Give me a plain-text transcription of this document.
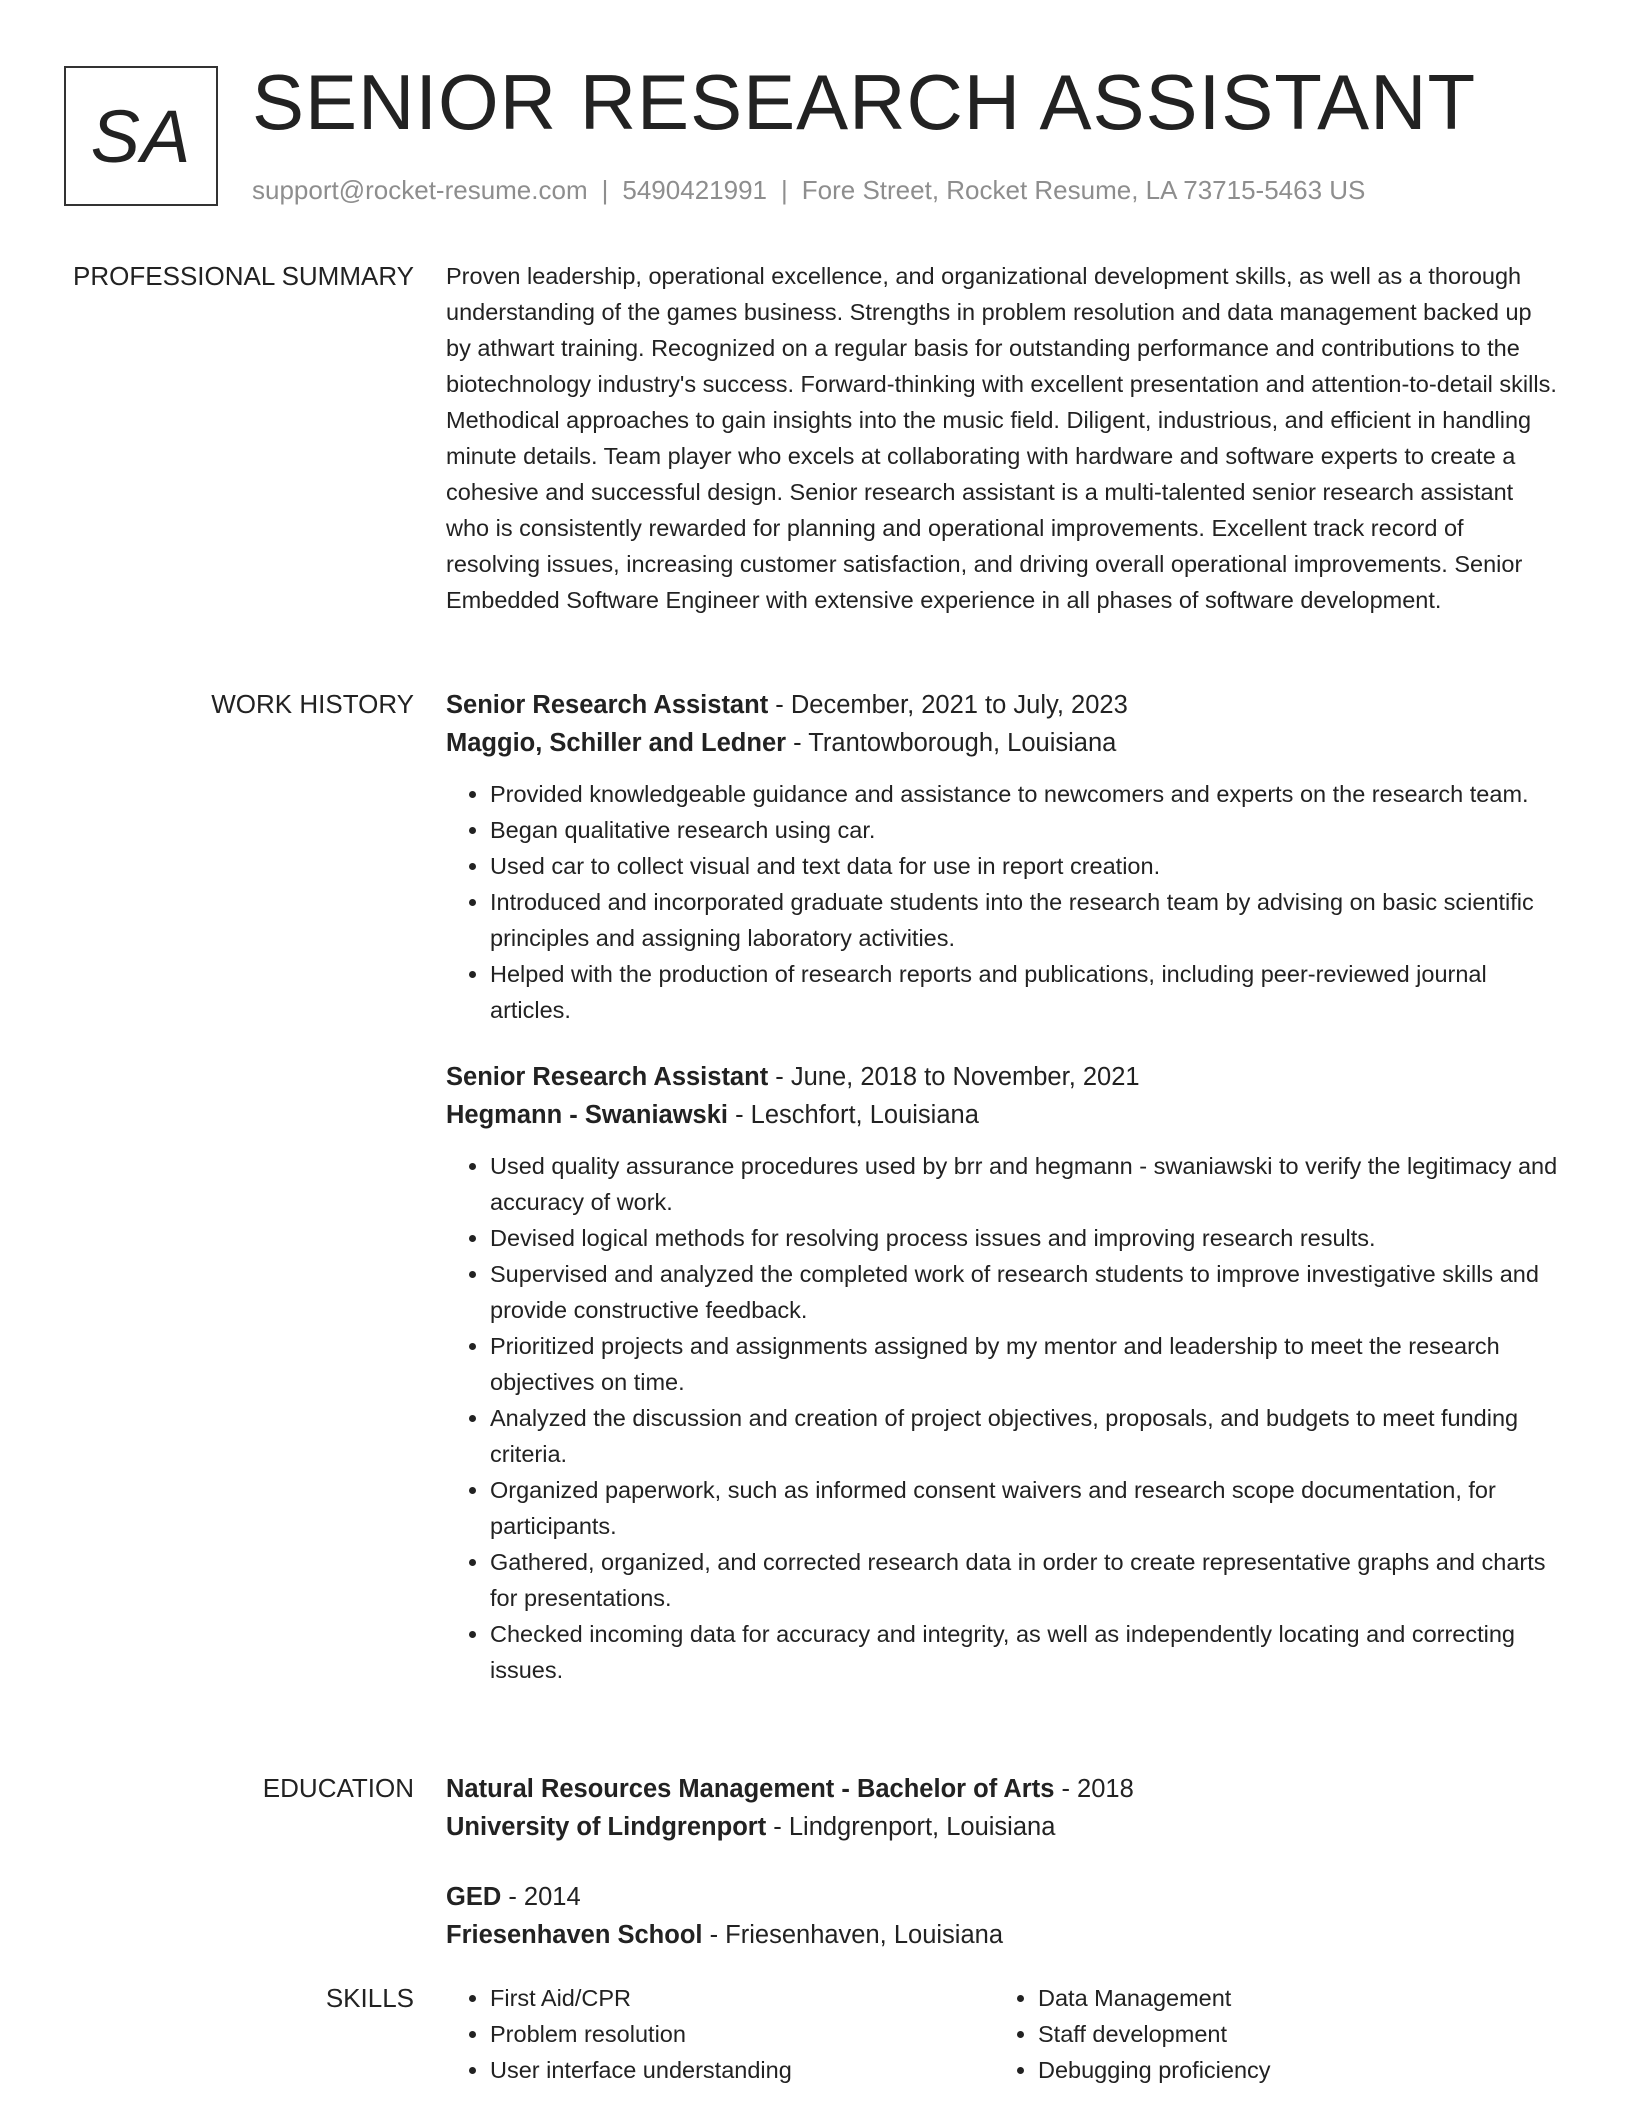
SA SENIOR RESEARCH ASSISTANT
support@rocket-resume.com | 5490421991 | Fore Street, Rocket Resume, LA 73715-5463 US
PROFESSIONAL SUMMARY Proven leadership, operational excellence, and organizational development skills, as well as a thorough understanding of the games business. Strengths in problem resolution and data management backed up by athwart training. Recognized on a regular basis for outstanding performance and contributions to the biotechnology industry's success. Forward-thinking with excellent presentation and attention-to-detail skills. Methodical approaches to gain insights into the music field. Diligent, industrious, and efficient in handling minute details. Team player who excels at collaborating with hardware and software experts to create a cohesive and successful design. Senior research assistant is a multi-talented senior research assistant who is consistently rewarded for planning and operational improvements. Excellent track record of resolving issues, increasing customer satisfaction, and driving overall operational improvements. Senior Embedded Software Engineer with extensive experience in all phases of software development.

WORK HISTORY Senior Research Assistant - December, 2021 to July, 2023
Maggio, Schiller and Ledner - Trantowborough, Louisiana
• Provided knowledgeable guidance and assistance to newcomers and experts on the research team.
• Began qualitative research using car.
• Used car to collect visual and text data for use in report creation.
• Introduced and incorporated graduate students into the research team by advising on basic scientific principles and assigning laboratory activities.
• Helped with the production of research reports and publications, including peer-reviewed journal articles.
Senior Research Assistant - June, 2018 to November, 2021
Hegmann - Swaniawski - Leschfort, Louisiana
• Used quality assurance procedures used by brr and hegmann - swaniawski to verify the legitimacy and accuracy of work.
• Devised logical methods for resolving process issues and improving research results.
• Supervised and analyzed the completed work of research students to improve investigative skills and provide constructive feedback.
• Prioritized projects and assignments assigned by my mentor and leadership to meet the research objectives on time.
• Analyzed the discussion and creation of project objectives, proposals, and budgets to meet funding criteria.
• Organized paperwork, such as informed consent waivers and research scope documentation, for participants.
• Gathered, organized, and corrected research data in order to create representative graphs and charts for presentations.
• Checked incoming data for accuracy and integrity, as well as independently locating and correcting issues.
EDUCATION Natural Resources Management - Bachelor of Arts - 2018
University of Lindgrenport - Lindgrenport, Louisiana
GED - 2014
Friesenhaven School - Friesenhaven, Louisiana
SKILLS
•	First Aid/CPR
• Problem resolution
• User interface understanding
• Data Management
• Staff development
• Debugging proficiency
